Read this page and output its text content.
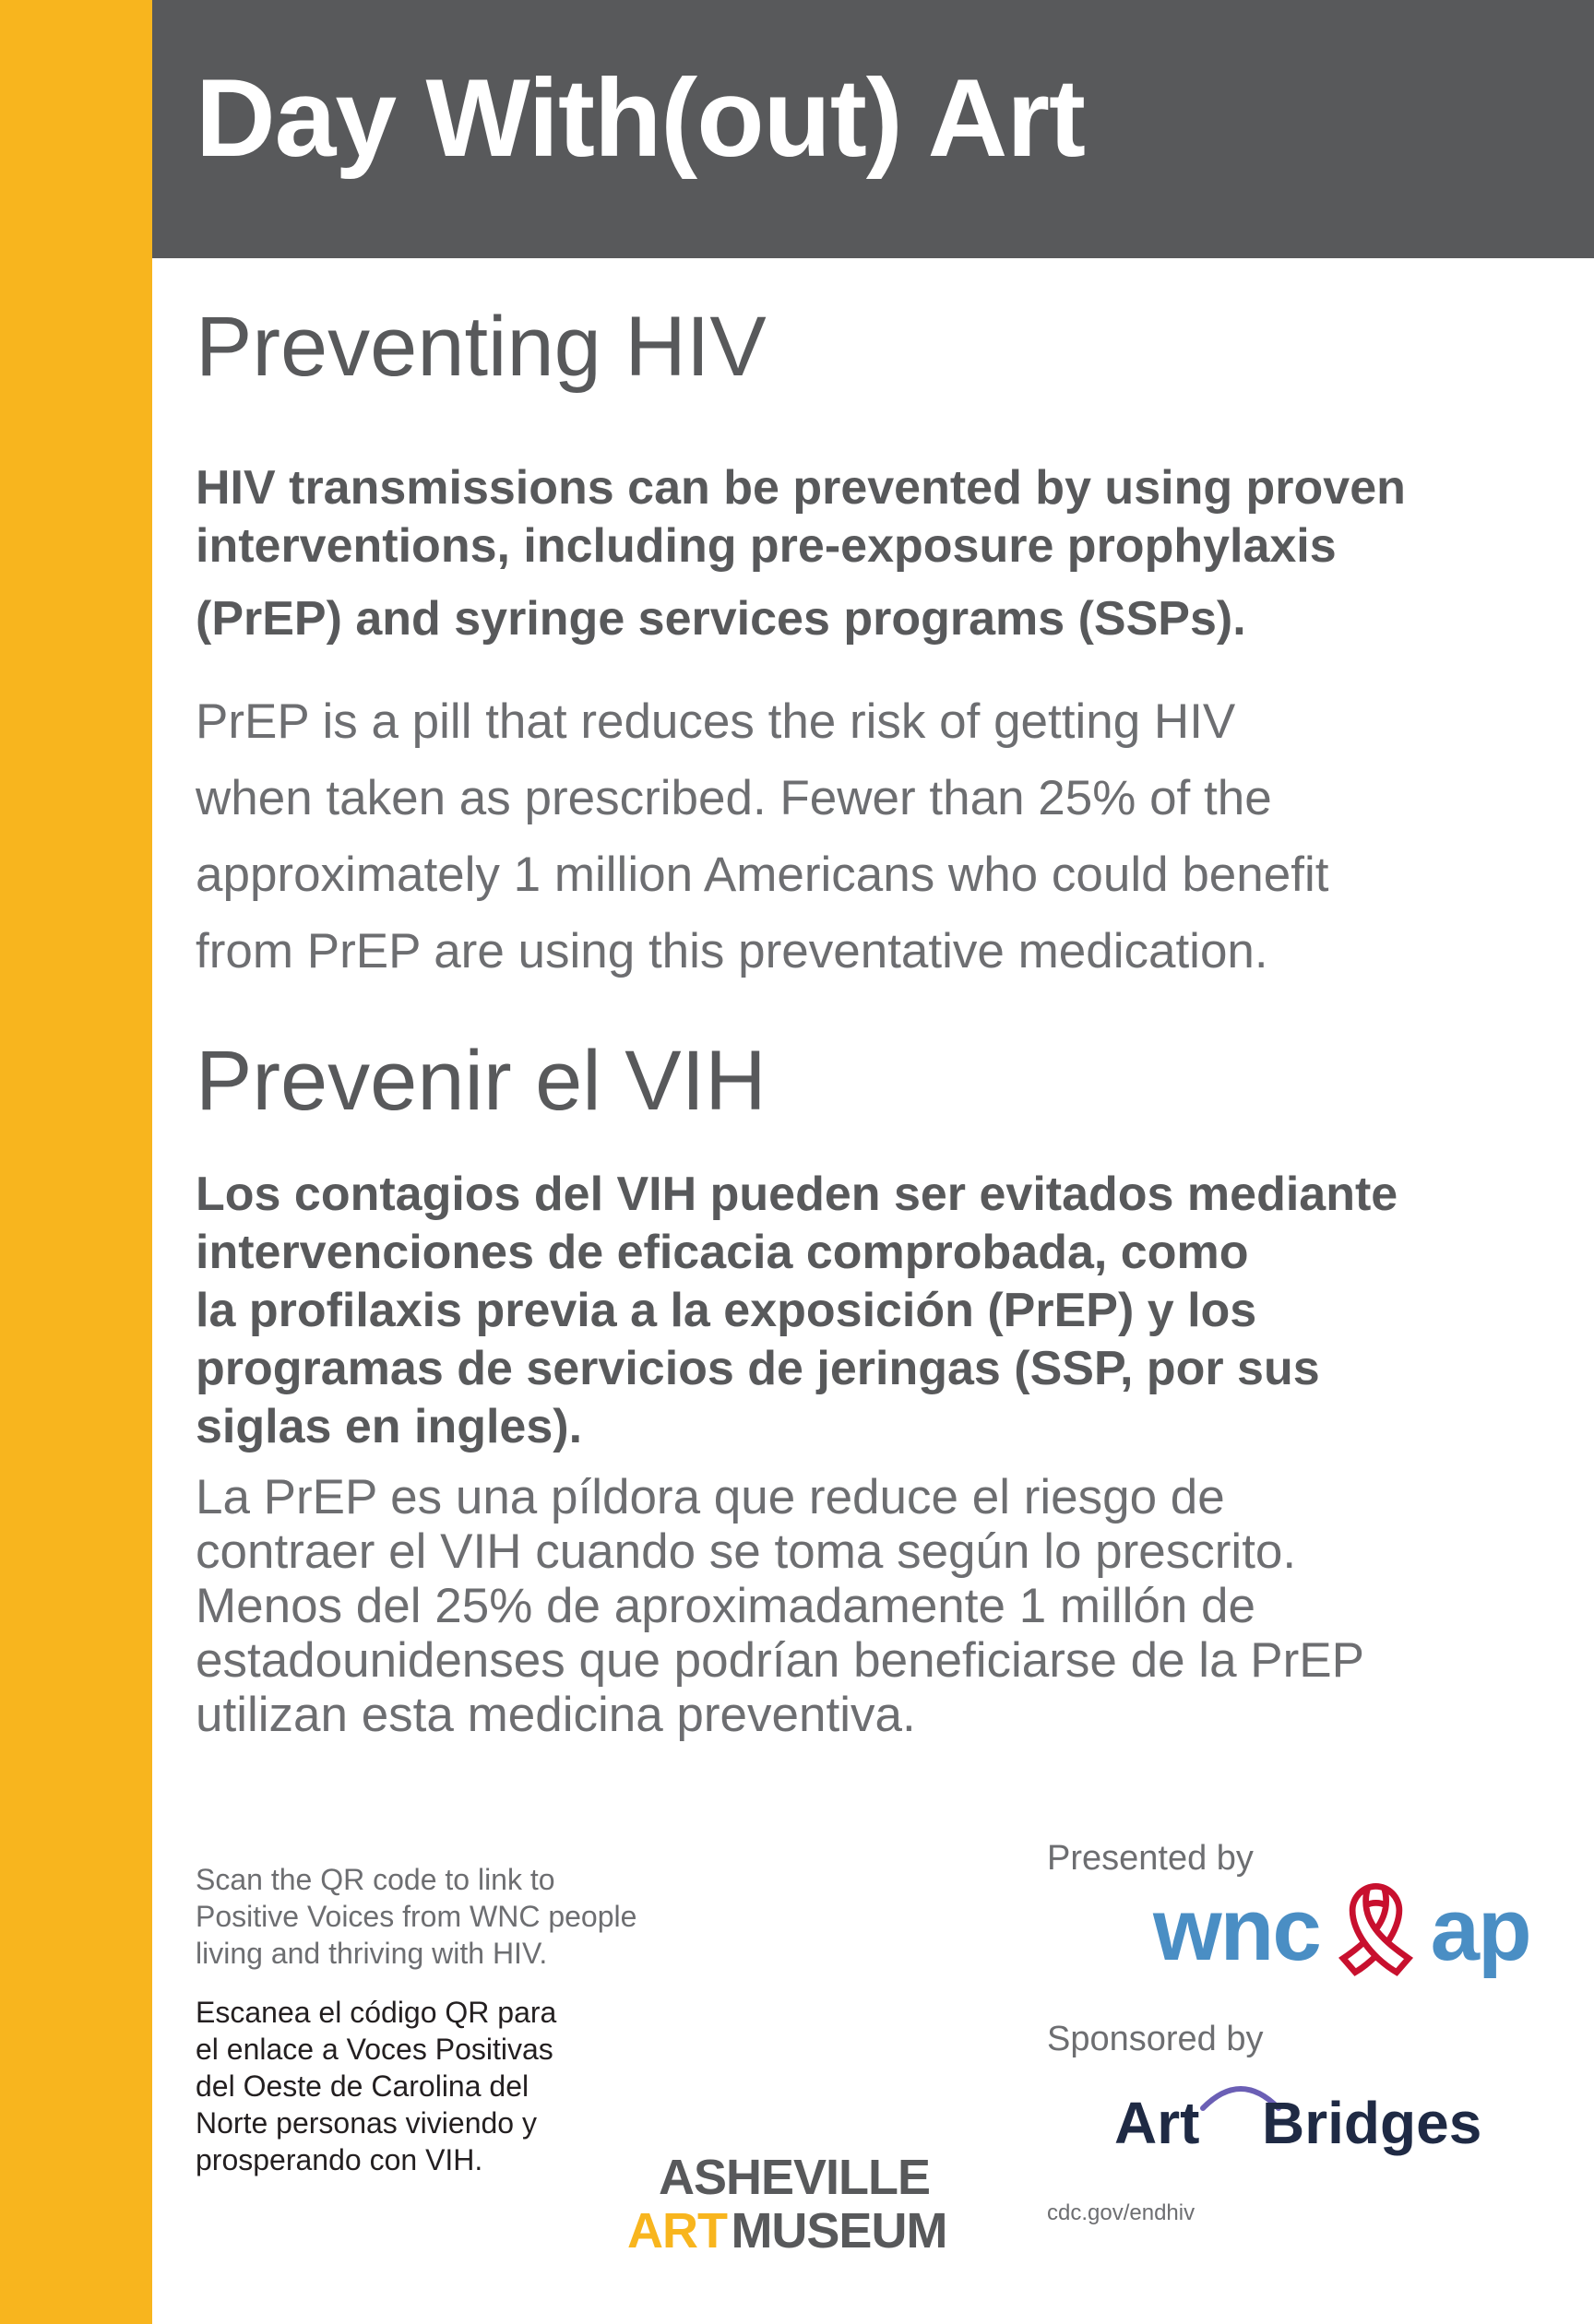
Day With(out) Art
Preventing HIV
HIV transmissions can be prevented by using proven
interventions, including pre-exposure prophylaxis
(PrEP) and syringe services programs (SSPs).
PrEP is a pill that reduces the risk of getting HIV
when taken as prescribed. Fewer than 25% of the
approximately 1 million Americans who could benefit
from PrEP are using this preventative medication.
Prevenir el VIH
Los contagios del VIH pueden ser evitados mediante
intervenciones de eficacia comprobada, como
la profilaxis previa a la exposición (PrEP) y los
programas de servicios de jeringas (SSP, por sus
siglas en ingles).
La PrEP es una píldora que reduce el riesgo de
contraer el VIH cuando se toma según lo prescrito.
Menos del 25% de aproximadamente 1 millón de
estadounidenses que podrían beneficiarse de la PrEP
utilizan esta medicina preventiva.
Scan the QR code to link to
Positive Voices from WNC people
living and thriving with HIV.
Escanea el código QR para
el enlace a Voces Positivas
del Oeste de Carolina del
Norte personas viviendo y
prosperando con VIH.

Presented by

wnc🎗︎ap

Sponsored by

Art Bridges
ASHEVILLE
ART MUSEUM	cdc.gov/endhiv
